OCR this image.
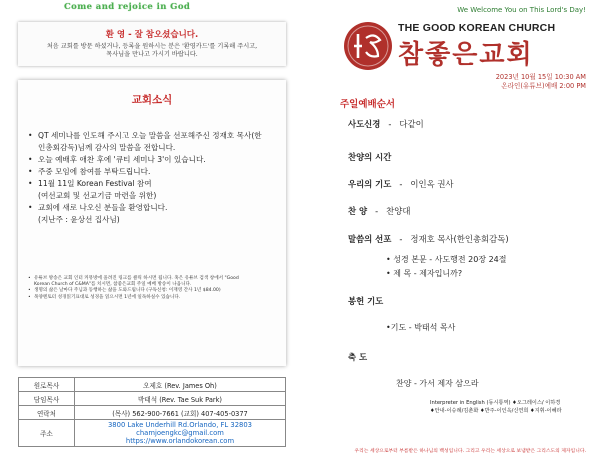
Come and rejoice in God
환 영 - 잘 참오셨습니다.
처음 교회를 방문 하셨거나, 등록을 원하시는 분은 '환영카드'를 기록해 주시고,
목사님을 만나고 가시기 바랍니다.
교회소식
• QT 세미나를 인도해 주시고 오늘 말씀을 선포해주신 정재호 목사(한
인총회감독)님께 감사의 말씀을 전합니다.
• 오늘 예배후 애찬 후에 '큐티 세미나 3'이 있습니다.
• 주중 모임에 참여를 부탁드립니다.
• 11월 11일 Korean Festival 참여
(여선교회 및 선교기금 마련을 위한)
• 교회에 새로 나오신 분들을 환영합니다.
(지난주 : 윤상선 집사님)
• 유튜브 방송은 교회 인터 커뮤방에 올려진 링크를 클릭 하시면 됩니다. 혹은 유튜브 검색 창에서 "Good
Korean Church of C&MA"를 치시면, 참좋은교회 주일 예배 방송이 나옵니다.
• 생명의 삶은 날마다 주님과 동행하는 삶을 도와드립니다 (구독신청: 이재영 간사 1년 $84.00)
• 목양멘토터 성경읽기표대로 성경을 읽으시면 1년에 일독하실수 있습니다.
원로목사	오제호 (Rev. James Oh)
담임목사	박태석 (Rev. Tae Suk Park)
연락처	(목사) 562-900-7661 (교회) 407-405-0377
주소	3800 Lake Underhill Rd.Orlando, FL 32803
chamjoengkc@gmail.com
https://www.orlandokorean.com
We Welcome You on This Lord's Day!
THE GOOD KOREAN CHURCH
참좋은교회
2023년 10월 15일 10:30 AM
온라인(유튜브)예배 2:00 PM
주일예배순서
사도신경 - 다같이
찬양의 시간
우리의 기도 - 이인옥 권사
찬 양 - 찬양대
말씀의 선포 - 정재호 목사(한인총회감독)
• 성경 본문 - 사도행전 20장 24절
• 제 목 - 제자입니까?
봉헌 기도
•기도 - 박태석 목사
축 도
찬양 - 가서 제자 삼으라
Interpreter in English (동시통역) ♦오그레이스/ 이하경
♦안내-이승례/김춘화 ♦반주-이인옥/신연희 ♦지휘-이혜라
우리는 세상으로부터 부름받은 하나님의 백성입니다. 그리고 우리는 세상으로 보냄받은 그리스도의 제자입니다.
